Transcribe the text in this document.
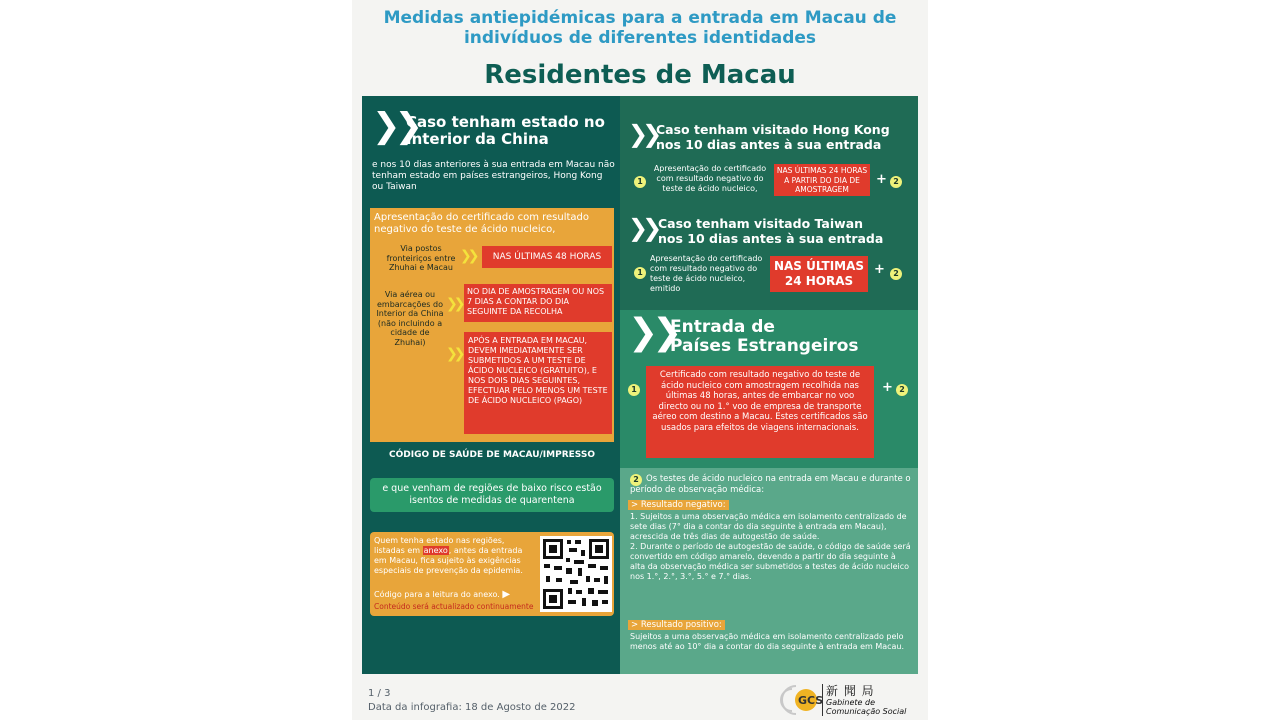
Medidas antiepidémicas para a entrada em Macau de
indivíduos de diferentes identidades
Residentes de Macau
❯❯
Caso tenham estado no
Interior da China
e nos 10 dias anteriores à sua entrada em Macau não tenham estado em países estrangeiros, Hong Kong ou Taiwan
Apresentação do certificado com resultado negativo do teste de ácido nucleico,
Via postos fronteiriços entre Zhuhai e Macau
❯❯	NAS ÚLTIMAS 48 HORAS
Via aérea ou embarcações do Interior da China (não incluindo a cidade de Zhuhai)
❯❯
NO DIA DE AMOSTRAGEM OU NOS 7 DIAS A CONTAR DO DIA SEGUINTE DA RECOLHA
❯❯
APÓS A ENTRADA EM MACAU, DEVEM IMEDIATAMENTE SER SUBMETIDOS A UM TESTE DE ÁCIDO NUCLEICO (GRATUITO), E NOS DOIS DIAS SEGUINTES, EFECTUAR PELO MENOS UM TESTE DE ÁCIDO NUCLEICO (PAGO)
CÓDIGO DE SAÚDE DE MACAU/IMPRESSO
e que venham de regiões de baixo risco estão isentos de medidas de quarentena
Quem tenha estado nas regiões, listadas em anexo, antes da entrada em Macau, fica sujeito às exigências especiais de prevenção da epidemia.
Código para a leitura do anexo. ▶
Conteúdo será actualizado continuamente
❯❯ Caso tenham visitado Hong Kong
nos 10 dias antes à sua entrada
1
Apresentação do certificado com resultado negativo do teste de ácido nucleico,
NAS ÚLTIMAS 24 HORAS A PARTIR DO DIA DE AMOSTRAGEM
+ 2
❯❯ Caso tenham visitado Taiwan
nos 10 dias antes à sua entrada
1
Apresentação do certificado com resultado negativo do teste de ácido nucleico, emitido
NAS ÚLTIMAS
24 HORAS
+	2
❯❯
Entrada de
Países Estrangeiros
1
Certificado com resultado negativo do teste de ácido nucleico com amostragem recolhida nas últimas 48 horas, antes de embarcar no voo directo ou no 1.° voo de empresa de transporte aéreo com destino a Macau. Estes certificados são usados para efeitos de viagens internacionais.
+ 2
2 Os testes de ácido nucleico na entrada em Macau e durante o período de observação médica:
> Resultado negativo:
1. Sujeitos a uma observação médica em isolamento centralizado de sete dias (7° dia a contar do dia seguinte à entrada em Macau), acrescida de três dias de autogestão de saúde.
2. Durante o período de autogestão de saúde, o código de saúde será convertido em código amarelo, devendo a partir do dia seguinte à alta da observação médica ser submetidos a testes de ácido nucleico nos 1.°, 2.°, 3.°, 5.° e 7.° dias.
> Resultado positivo:
Sujeitos a uma observação médica em isolamento centralizado pelo menos até ao 10° dia a contar do dia seguinte à entrada em Macau.
1 / 3
Data da infografia: 18 de Agosto de 2022
GCS
新 聞 局
Gabinete de
Comunicação Social
